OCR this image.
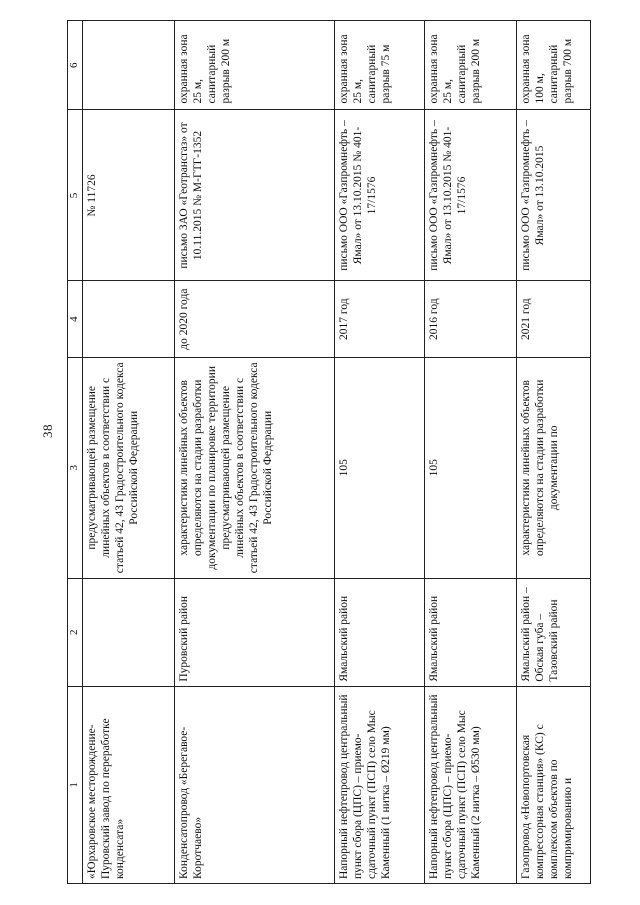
38
1	2	3	4	5	6
«Юрхаровское месторождение-Пуровский завод по переработке конденсата»		предусматривающей размещение линейных объектов в соответствии с статьей 42, 43 Градостроительного кодекса Российской Федерации		№ 11726	
Конденсатопровод «Берегавое-Коротчаево»	Пуровский район	характеристики линейных объектов определяются на стадии разработки документации по планировке территории предусматривающей размещение линейных объектов в соответствии с статьей 42, 43 Градостроительного кодекса Российской Федерации	до 2020 года	письмо ЗАО «Геотрансгаз» от 10.11.2015 № М-ГТГ-1352	охранная зона 25 м, санитарный разрыв 200 м
Напорный нефтепровод центральный пункт сбора (ЦПС) – приемо-сдаточный пункт (ПСП) село Мыс Каменный (1 нитка – Ø219 мм)	Ямальский район	105	2017 год	письмо ООО «Газпромнефть – Ямал» от 13.10.2015 № 401-17/1576	охранная зона 25 м, санитарный разрыв 75 м
Напорный нефтепровод центральный пункт сбора (ЦПС) – приемо-сдаточный пункт (ПСП) село Мыс Каменный (2 нитка – Ø530 мм)	Ямальский район	105	2016 год	письмо ООО «Газпромнефть – Ямал» от 13.10.2015 № 401-17/1576	охранная зона 25 м, санитарный разрыв 200 м
Газопровод «Новопортовская компрессорная станция» (КС) с комплексом объектов по компримированию и	Ямальский район – Обская губа – Тазовский район	характеристики линейных объектов определяются на стадии разработки документации по	2021 год	письмо ООО «Газпромнефть – Ямал» от 13.10.2015	охранная зона 100 м, санитарный разрыв 700 м
